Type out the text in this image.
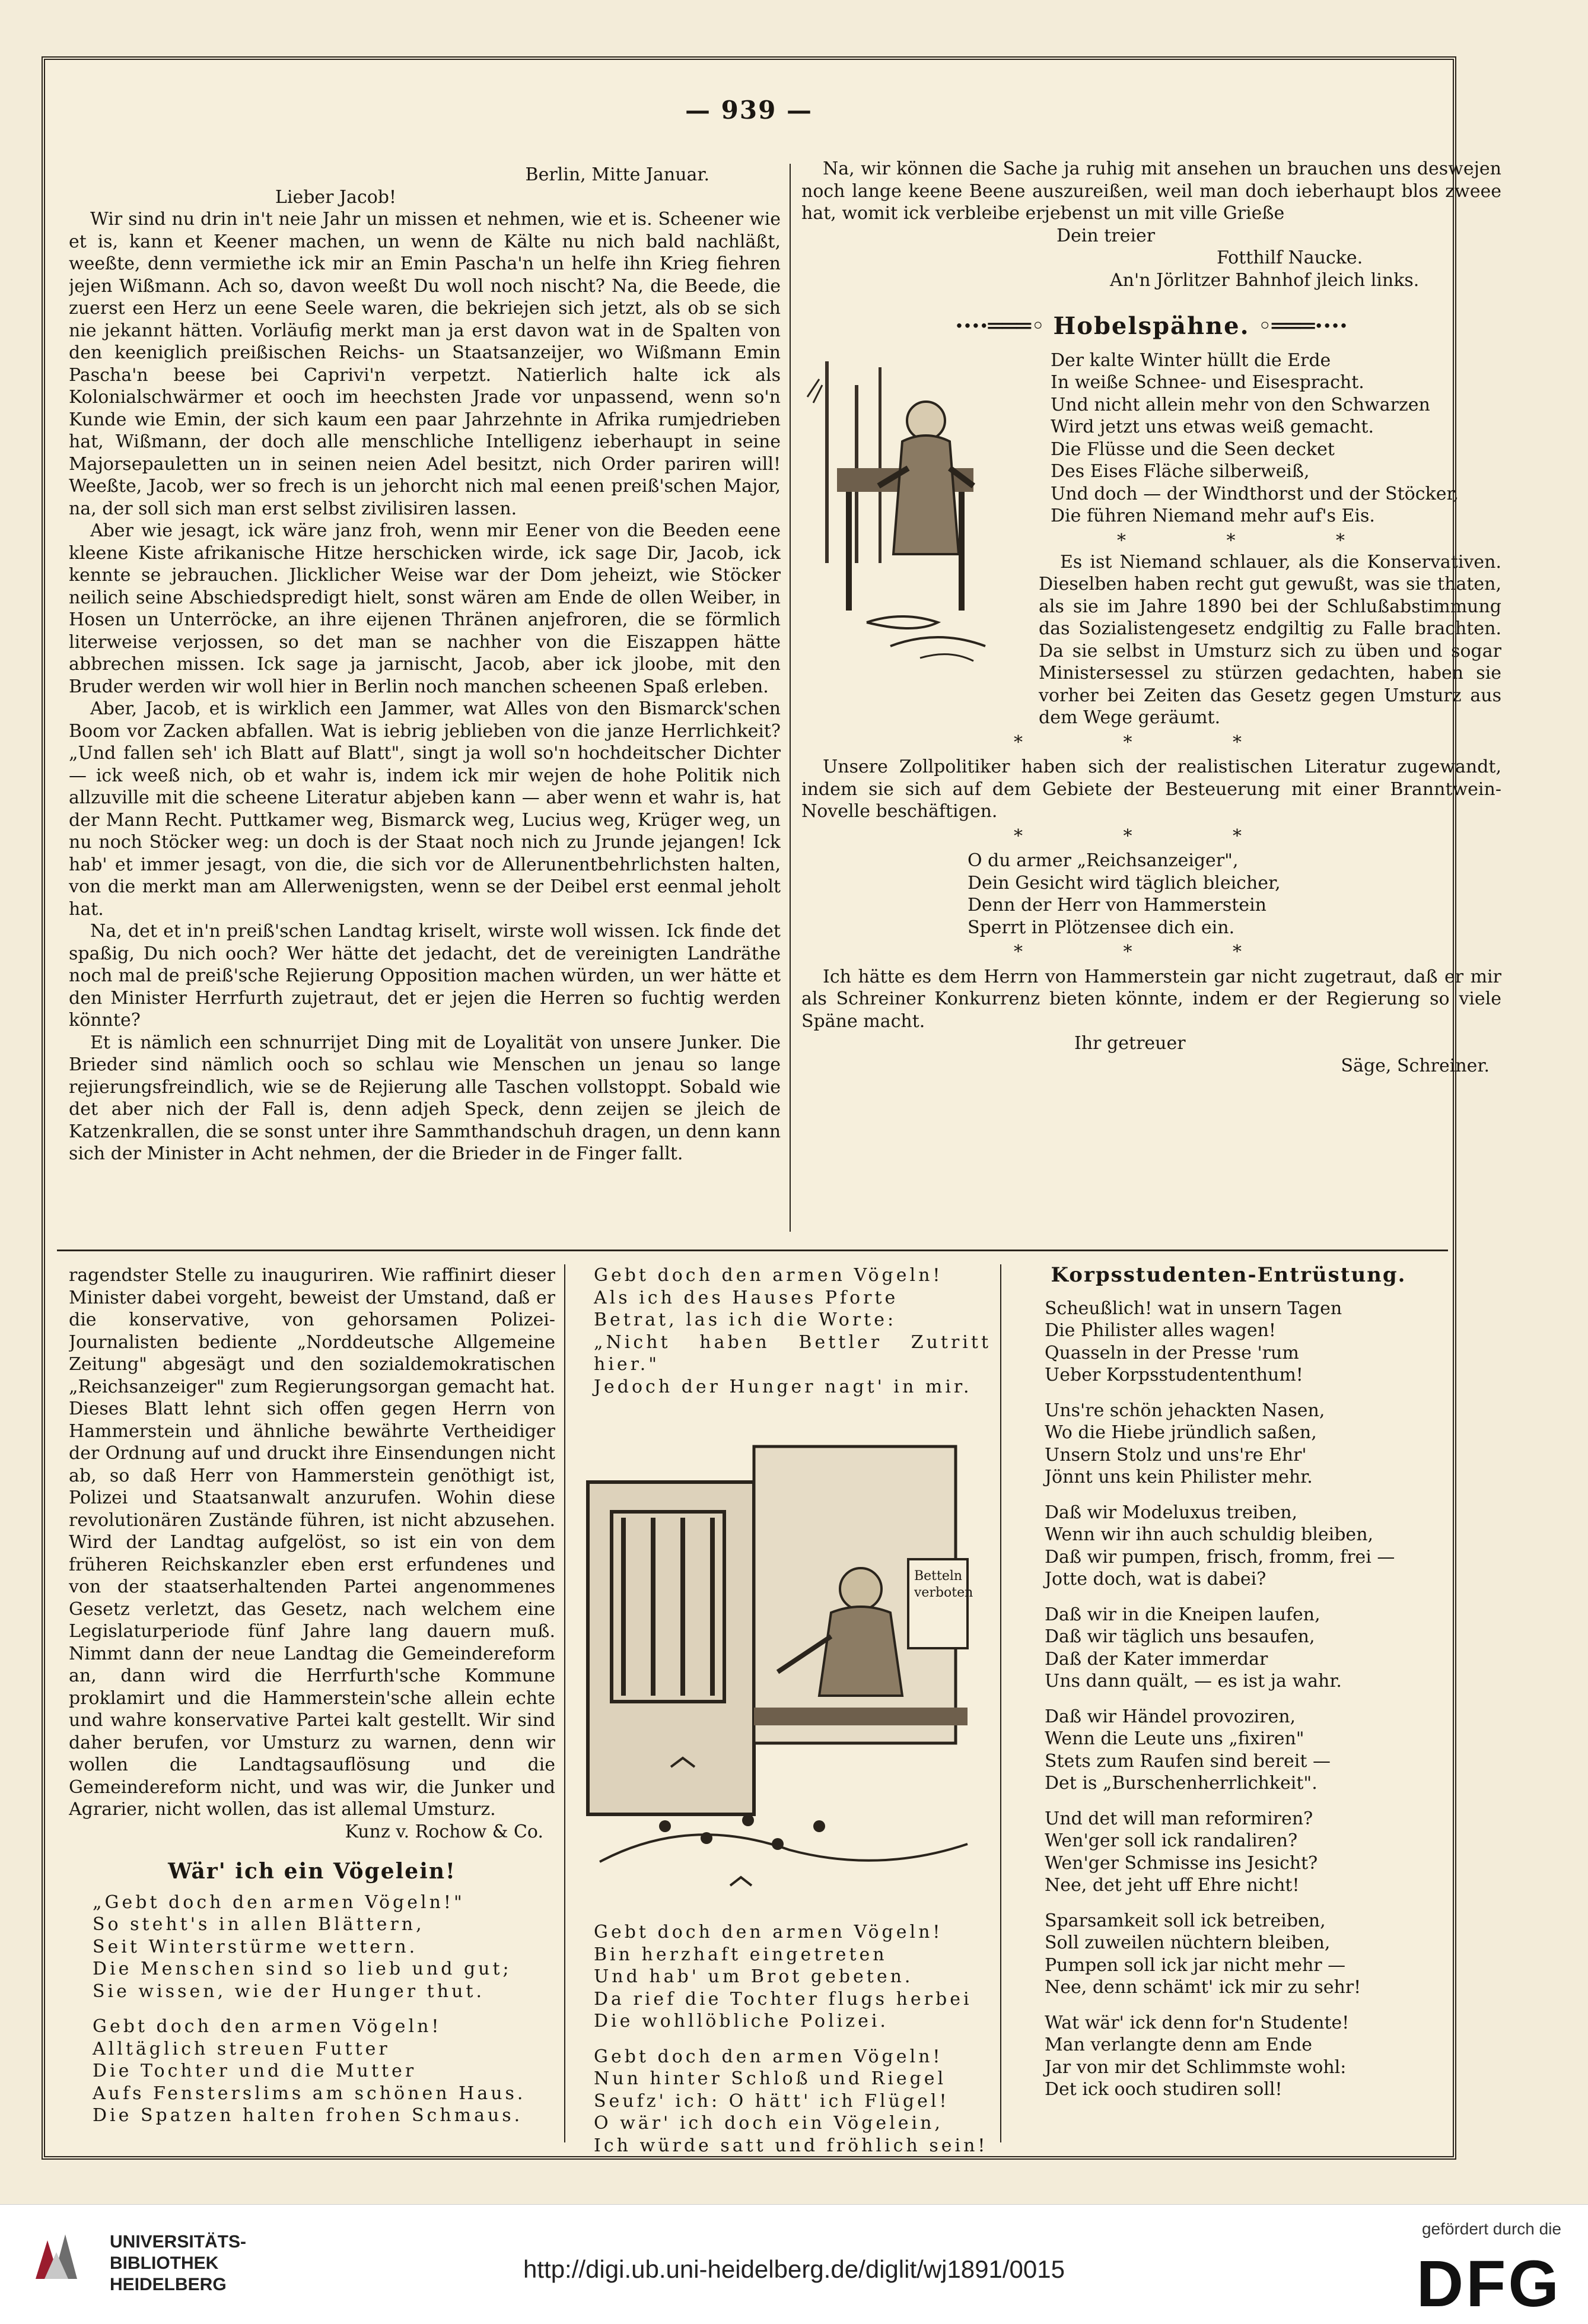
— 939 —

Berlin, Mitte Januar.

Lieber Jacob!

Wir sind nu drin in't neie Jahr un missen et nehmen, wie et is. Scheener wie et is, kann et Keener machen, un wenn de Kälte nu nich bald nachläßt, weeßte, denn vermiethe ick mir an Emin Pascha'n un helfe ihn Krieg fiehren jejen Wißmann. Ach so, davon weeßt Du woll noch nischt? Na, die Beede, die zuerst een Herz un eene Seele waren, die bekriejen sich jetzt, als ob se sich nie jekannt hätten. Vorläufig merkt man ja erst davon wat in de Spalten von den keeniglich preißischen Reichs- un Staatsanzeijer, wo Wißmann Emin Pascha'n beese bei Caprivi'n verpetzt. Natierlich halte ick als Kolonialschwärmer et ooch im heechsten Jrade vor unpassend, wenn so'n Kunde wie Emin, der sich kaum een paar Jahrzehnte in Afrika rumjedrieben hat, Wißmann, der doch alle menschliche Intelligenz ieberhaupt in seine Majorsepauletten un in seinen neien Adel besitzt, nich Order pariren will! Weeßte, Jacob, wer so frech is un jehorcht nich mal eenen preiß'schen Major, na, der soll sich man erst selbst zivilisiren lassen.

Aber wie jesagt, ick wäre janz froh, wenn mir Eener von die Beeden eene kleene Kiste afrikanische Hitze herschicken wirde, ick sage Dir, Jacob, ick kennte se jebrauchen. Jlicklicher Weise war der Dom jeheizt, wie Stöcker neilich seine Abschiedspredigt hielt, sonst wären am Ende de ollen Weiber, in Hosen un Unterröcke, an ihre eijenen Thränen anjefroren, die se förmlich literweise verjossen, so det man se nachher von die Eiszappen hätte abbrechen missen. Ick sage ja jarnischt, Jacob, aber ick jloobe, mit den Bruder werden wir woll hier in Berlin noch manchen scheenen Spaß erleben.

Aber, Jacob, et is wirklich een Jammer, wat Alles von den Bismarck'schen Boom vor Zacken abfallen. Wat is iebrig jeblieben von die janze Herrlichkeit? „Und fallen seh' ich Blatt auf Blatt", singt ja woll so'n hochdeitscher Dichter — ick weeß nich, ob et wahr is, indem ick mir wejen de hohe Politik nich allzuville mit die scheene Literatur abjeben kann — aber wenn et wahr is, hat der Mann Recht. Puttkamer weg, Bismarck weg, Lucius weg, Krüger weg, un nu noch Stöcker weg: un doch is der Staat noch nich zu Jrunde jejangen! Ick hab' et immer jesagt, von die, die sich vor de Allerunentbehrlichsten halten, von die merkt man am Allerwenigsten, wenn se der Deibel erst eenmal jeholt hat.

Na, det et in'n preiß'schen Landtag kriselt, wirste woll wissen. Ick finde det spaßig, Du nich ooch? Wer hätte det jedacht, det de vereinigten Landräthe noch mal de preiß'sche Rejierung Opposition machen würden, un wer hätte et den Minister Herrfurth zujetraut, det er jejen die Herren so fuchtig werden könnte?

Et is nämlich een schnurrijet Ding mit de Loyalität von unsere Junker. Die Brieder sind nämlich ooch so schlau wie Menschen un jenau so lange rejierungsfreindlich, wie se de Rejierung alle Taschen vollstoppt. Sobald wie det aber nich der Fall is, denn adjeh Speck, denn zeijen se jleich de Katzenkrallen, die se sonst unter ihre Sammthandschuh dragen, un denn kann sich der Minister in Acht nehmen, der die Brieder in de Finger fallt.

Na, wir können die Sache ja ruhig mit ansehen un brauchen uns deswejen noch lange keene Beene auszureißen, weil man doch ieberhaupt blos zweee hat, womit ick verbleibe erjebenst un mit ville Grieße

Dein treier

Fotthilf Naucke.

An'n Jörlitzer Bahnhof jleich links.

····═══◦ Hobelspähne. ◦═══····

Der kalte Winter hüllt die Erde

In weiße Schnee- und Eisespracht.

Und nicht allein mehr von den Schwarzen

Wird jetzt uns etwas weiß gemacht.

Die Flüsse und die Seen decket

Des Eises Fläche silberweiß,

Und doch — der Windthorst und der Stöcker,

Die führen Niemand mehr auf's Eis.

* * *

Es ist Niemand schlauer, als die Konservativen. Dieselben haben recht gut gewußt, was sie thaten, als sie im Jahre 1890 bei der Schlußabstimmung das Sozialistengesetz endgiltig zu Falle brachten. Da sie selbst in Umsturz sich zu üben und sogar Ministersessel zu stürzen gedachten, haben sie vorher bei Zeiten das Gesetz gegen Umsturz aus dem Wege geräumt.

* * *

Unsere Zollpolitiker haben sich der realistischen Literatur zugewandt, indem sie sich auf dem Gebiete der Besteuerung mit einer Branntwein-Novelle beschäftigen.

* * *

O du armer „Reichsanzeiger",

Dein Gesicht wird täglich bleicher,

Denn der Herr von Hammerstein

Sperrt in Plötzensee dich ein.

* * *

Ich hätte es dem Herrn von Hammerstein gar nicht zugetraut, daß er mir als Schreiner Konkurrenz bieten könnte, indem er der Regierung so viele Späne macht.

Ihr getreuer

Säge, Schreiner.

ragendster Stelle zu inauguriren. Wie raffinirt dieser Minister dabei vorgeht, beweist der Umstand, daß er die konservative, von gehorsamen Polizei-Journalisten bediente „Norddeutsche Allgemeine Zeitung" abgesägt und den sozialdemokratischen „Reichsanzeiger" zum Regierungsorgan gemacht hat. Dieses Blatt lehnt sich offen gegen Herrn von Hammerstein und ähnliche bewährte Vertheidiger der Ordnung auf und druckt ihre Einsendungen nicht ab, so daß Herr von Hammerstein genöthigt ist, Polizei und Staatsanwalt anzurufen. Wohin diese revolutionären Zustände führen, ist nicht abzusehen. Wird der Landtag aufgelöst, so ist ein von dem früheren Reichskanzler eben erst erfundenes und von der staatserhaltenden Partei angenommenes Gesetz verletzt, das Gesetz, nach welchem eine Legislaturperiode fünf Jahre lang dauern muß. Nimmt dann der neue Landtag die Gemeindereform an, dann wird die Herrfurth'sche Kommune proklamirt und die Hammerstein'sche allein echte und wahre konservative Partei kalt gestellt. Wir sind daher berufen, vor Umsturz zu warnen, denn wir wollen die Landtagsauflösung und die Gemeindereform nicht, und was wir, die Junker und Agrarier, nicht wollen, das ist allemal Umsturz.

Kunz v. Rochow & Co.

Wär' ich ein Vögelein!

„Gebt doch den armen Vögeln!"

So steht's in allen Blättern,

Seit Winterstürme wettern.

Die Menschen sind so lieb und gut;

Sie wissen, wie der Hunger thut.

Gebt doch den armen Vögeln!

Alltäglich streuen Futter

Die Tochter und die Mutter

Aufs Fensterslims am schönen Haus.

Die Spatzen halten frohen Schmaus.

Gebt doch den armen Vögeln!

Als ich des Hauses Pforte

Betrat, las ich die Worte:

„Nicht haben Bettler Zutritt hier."

Jedoch der Hunger nagt' in mir.

Betteln
verboten

Gebt doch den armen Vögeln!

Bin herzhaft eingetreten

Und hab' um Brot gebeten.

Da rief die Tochter flugs herbei

Die wohllöbliche Polizei.

Gebt doch den armen Vögeln!

Nun hinter Schloß und Riegel

Seufz' ich: O hätt' ich Flügel!

O wär' ich doch ein Vögelein,

Ich würde satt und fröhlich sein!

Korpsstudenten-Entrüstung.

Scheußlich! wat in unsern Tagen

Die Philister alles wagen!

Quasseln in der Presse 'rum

Ueber Korpsstudententhum!

Uns're schön jehackten Nasen,

Wo die Hiebe jründlich saßen,

Unsern Stolz und uns're Ehr'

Jönnt uns kein Philister mehr.

Daß wir Modeluxus treiben,

Wenn wir ihn auch schuldig bleiben,

Daß wir pumpen, frisch, fromm, frei —

Jotte doch, wat is dabei?

Daß wir in die Kneipen laufen,

Daß wir täglich uns besaufen,

Daß der Kater immerdar

Uns dann quält, — es ist ja wahr.

Daß wir Händel provoziren,

Wenn die Leute uns „fixiren"

Stets zum Raufen sind bereit —

Det is „Burschenherrlichkeit".

Und det will man reformiren?

Wen'ger soll ick randaliren?

Wen'ger Schmisse ins Jesicht?

Nee, det jeht uff Ehre nicht!

Sparsamkeit soll ick betreiben,

Soll zuweilen nüchtern bleiben,

Pumpen soll ick jar nicht mehr —

Nee, denn schämt' ick mir zu sehr!

Wat wär' ick denn for'n Studente!

Man verlangte denn am Ende

Jar von mir det Schlimmste wohl:

Det ick ooch studiren soll!

UNIVERSITÄTS-
BIBLIOTHEK
HEIDELBERG
http://digi.ub.uni-heidelberg.de/diglit/wj1891/0015
gefördert durch die
DFG
